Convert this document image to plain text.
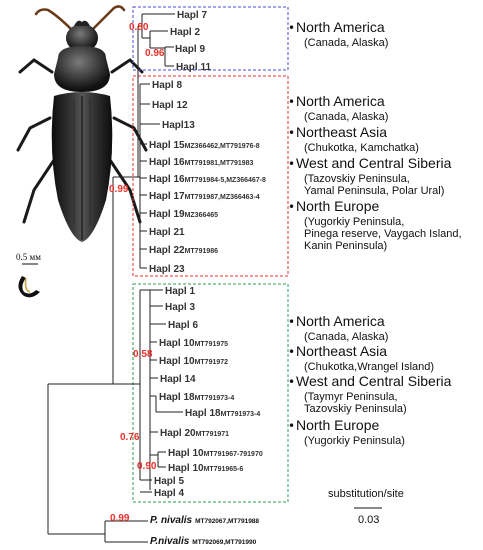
0.5 мм
Hapl 7
Hapl 2
Hapl 9
Hapl 11
Hapl 8
Hapl 12
Hapl13
Hapl 15MZ366462,MT791976-8
Hapl 16MT791981,MT791983
Hapl 16MT791984-5,MZ366467-8
Hapl 17MT791987,MZ366463-4
Hapl 19MZ366465
Hapl 21
Hapl 22MT791986
Hapl 23
Hapl 1
Hapl 3
Hapl 6
Hapl 10MT791975
Hapl 10MT791972
Hapl 14
Hapl 18MT791973-4
Hapl 18MT791973-4
Hapl 20MT791971
Hapl 10MT791967-791970
Hapl 10MT791965-6
Hapl 5
Hapl 4
P. nivalis MT792067,MT791988
P.nivalis MT792069,MT791990
0.80
0.96
0.99
0.58
0.76
0.90
0.99
• North America
(Canada, Alaska)
• North America
(Canada, Alaska)
• Northeast Asia
(Chukotka, Kamchatka)
• West and Central Siberia
(Tazovskiy Peninsula,
Yamal Peninsula, Polar Ural)
• North Europe
(Yugorkiy Peninsula,
Pinega reserve, Vaygach Island,
Kanin Peninsula)
• North America
(Canada, Alaska)
• Northeast Asia
(Chukotka,Wrangel Island)
• West and Central Siberia
(Taymyr Peninsula,
Tazovskiy Peninsula)
• North Europe
(Yugorkiy Peninsula)
substitution/site
0.03
